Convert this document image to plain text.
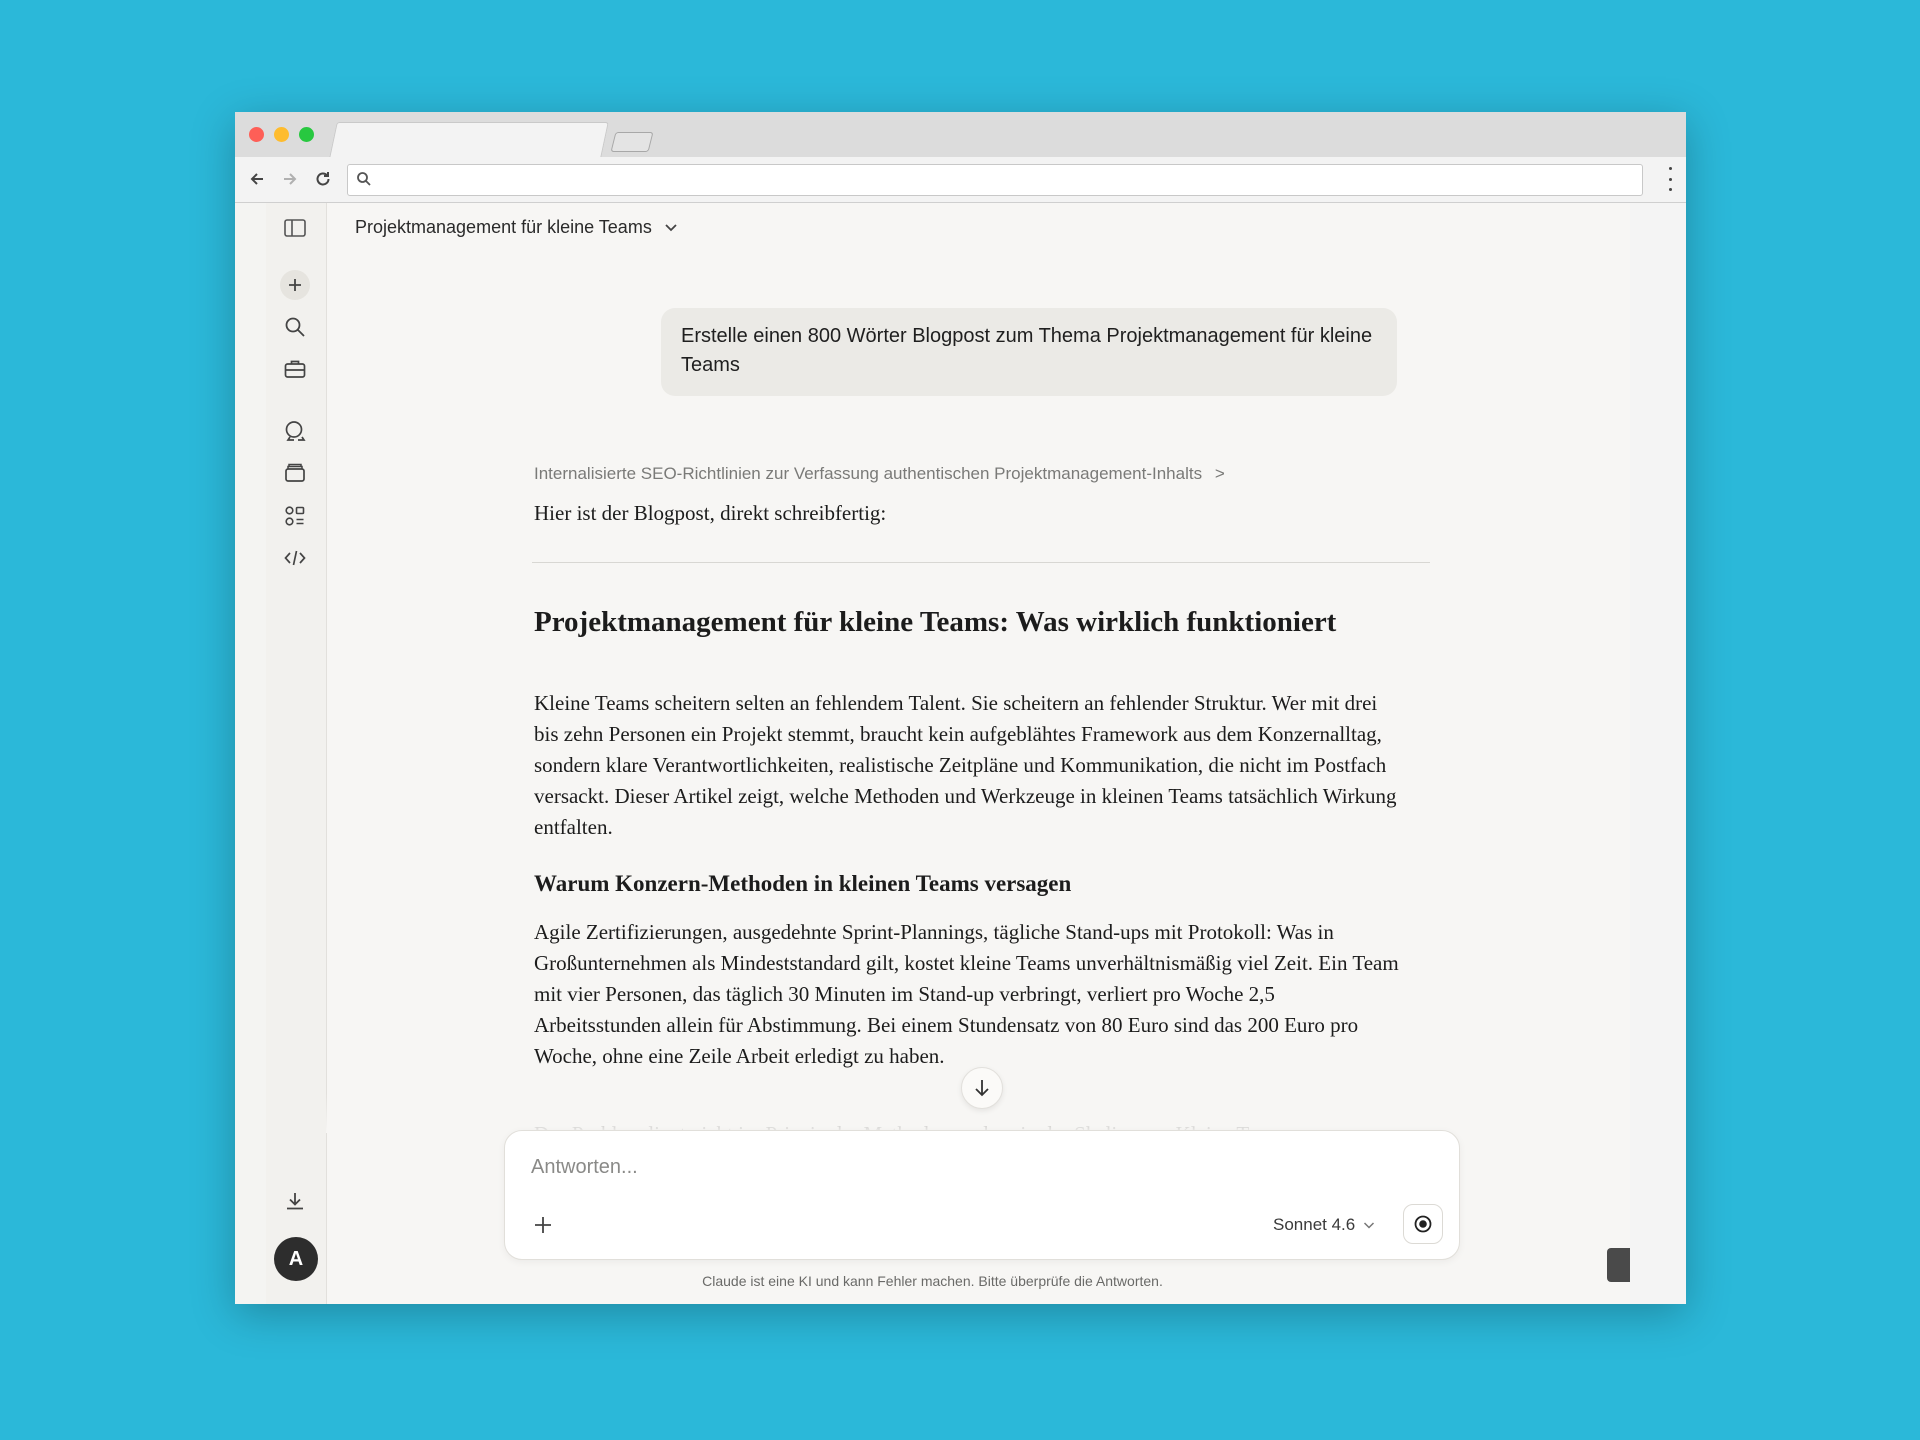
A
Projektmanagement für kleine Teams
Erstelle einen 800 Wörter Blogpost zum Thema Projektmanagement für kleine Teams
Internalisierte SEO-Richtlinien zur Verfassung authentischen Projektmanagement-Inhalts >
Hier ist der Blogpost, direkt schreibfertig:
Projektmanagement für kleine Teams: Was wirklich funktioniert

Kleine Teams scheitern selten an fehlendem Talent. Sie scheitern an fehlender Struktur. Wer mit drei bis zehn Personen ein Projekt stemmt, braucht kein aufgeblähtes Framework aus dem Konzernalltag, sondern klare Verantwortlichkeiten, realistische Zeitpläne und Kommunikation, die nicht im Postfach versackt. Dieser Artikel zeigt, welche Methoden und Werkzeuge in kleinen Teams tatsächlich Wirkung entfalten.

Warum Konzern-Methoden in kleinen Teams versagen

Agile Zertifizierungen, ausgedehnte Sprint-Plannings, tägliche Stand-ups mit Protokoll: Was in Großunternehmen als Mindeststandard gilt, kostet kleine Teams unverhältnismäßig viel Zeit. Ein Team mit vier Personen, das täglich 30 Minuten im Stand-up verbringt, verliert pro Woche 2,5 Arbeitsstunden allein für Abstimmung. Bei einem Stundensatz von 80 Euro sind das 200 Euro pro Woche, ohne eine Zeile Arbeit erledigt zu haben.

Antworten...
Sonnet 4.6
Claude ist eine KI und kann Fehler machen. Bitte überprüfe die Antworten.
